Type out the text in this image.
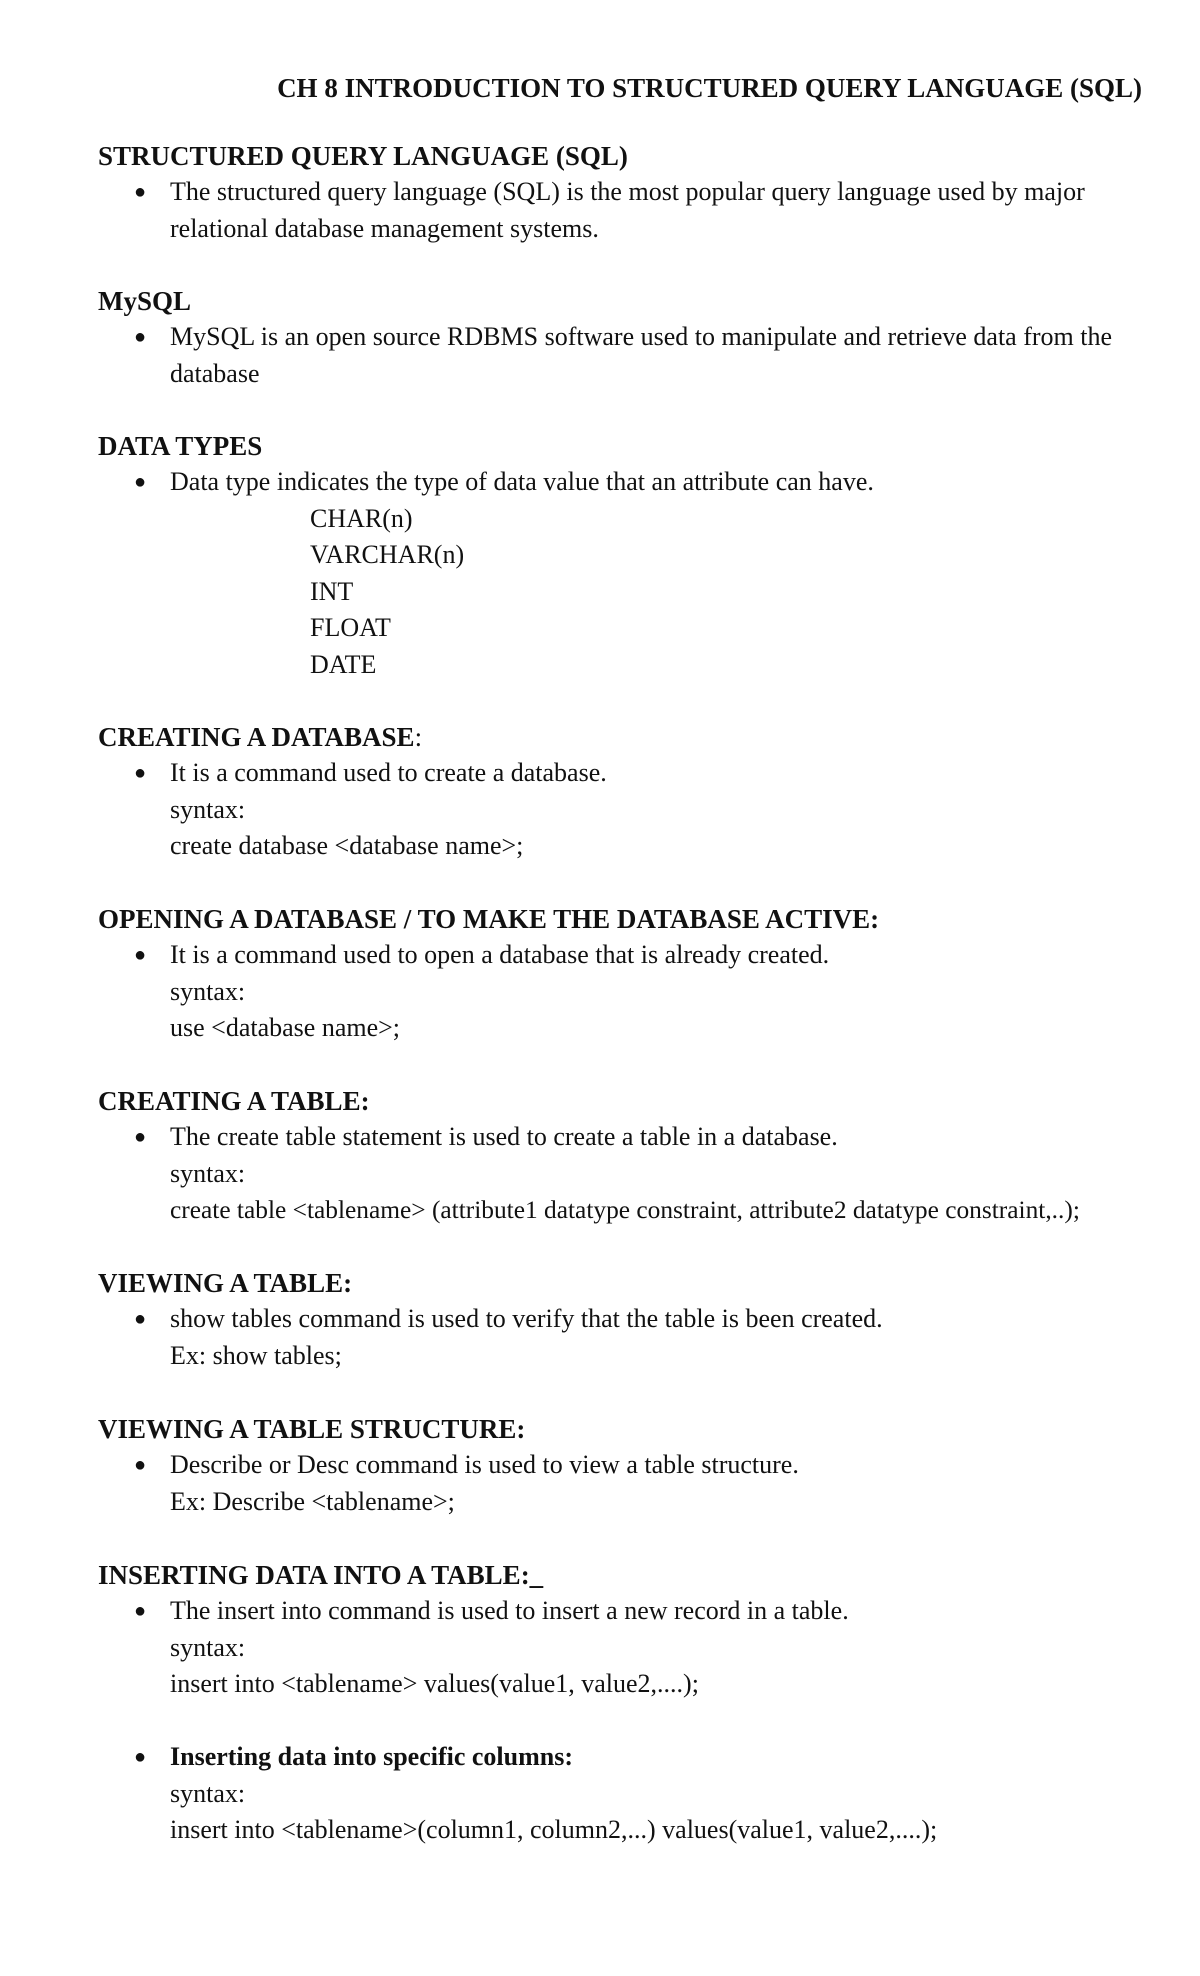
CH 8 INTRODUCTION TO STRUCTURED QUERY LANGUAGE (SQL)
STRUCTURED QUERY LANGUAGE (SQL)
● The structured query language (SQL) is the most popular query language used by major relational database management systems.
MySQL
● MySQL is an open source RDBMS software used to manipulate and retrieve data from the database
DATA TYPES
● Data type indicates the type of data value that an attribute can have.
CHAR(n)
VARCHAR(n)
INT
FLOAT
DATE
CREATING A DATABASE:
● It is a command used to create a database.
syntax:
create database <database name>;
OPENING A DATABASE / TO MAKE THE DATABASE ACTIVE:
● It is a command used to open a database that is already created.
syntax:
use <database name>;
CREATING A TABLE:
● The create table statement is used to create a table in a database.
syntax:
create table <tablename> (attribute1 datatype constraint, attribute2 datatype constraint,..);
VIEWING A TABLE:
● show tables command is used to verify that the table is been created.
Ex: show tables;
VIEWING A TABLE STRUCTURE:
● Describe or Desc command is used to view a table structure.
Ex: Describe <tablename>;
INSERTING DATA INTO A TABLE:_
● The insert into command is used to insert a new record in a table.
syntax:
insert into <tablename> values(value1, value2,....);
● Inserting data into specific columns:
syntax:
insert into <tablename>(column1, column2,...) values(value1, value2,....);
